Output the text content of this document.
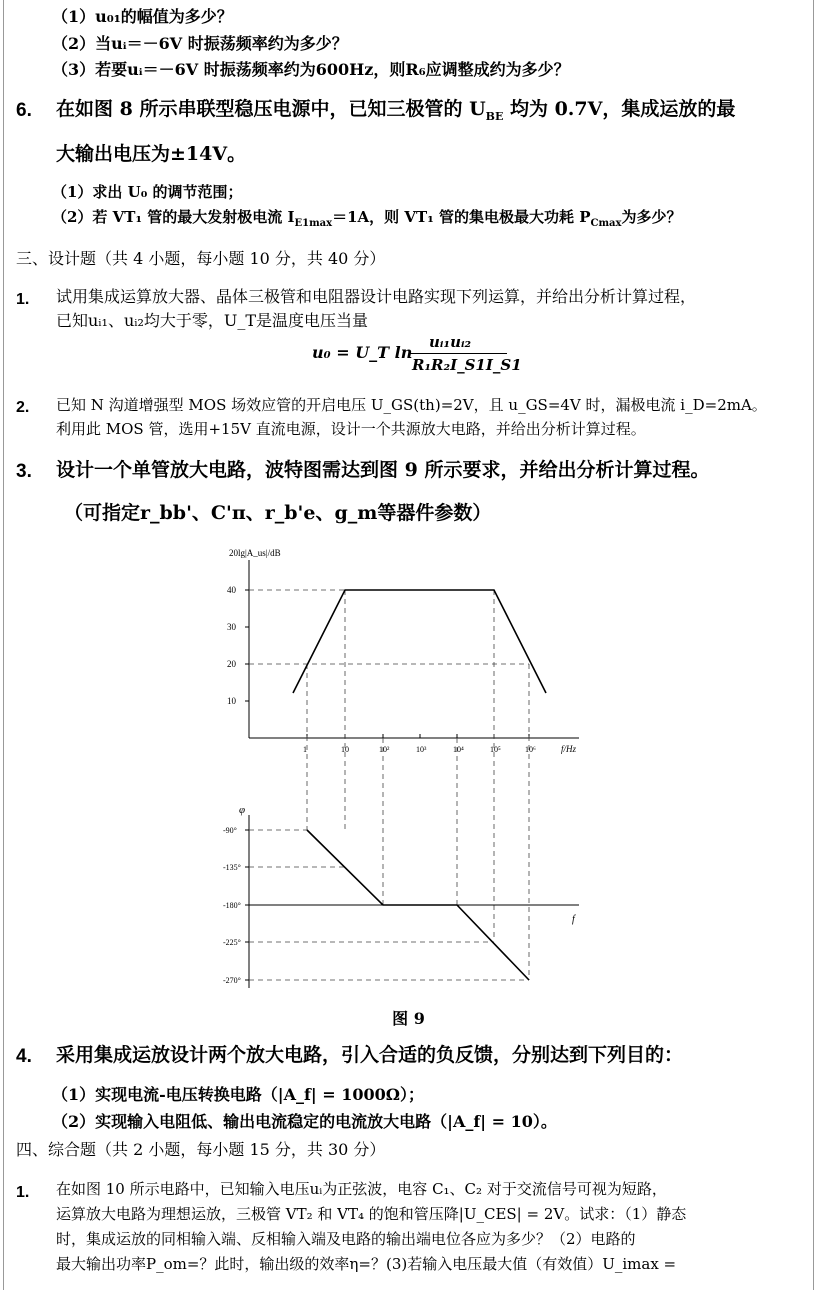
（1）u₀₁的幅值为多少？
（2）当uᵢ＝－6V 时振荡频率约为多少？
（3）若要uᵢ＝－6V 时振荡频率约为600Hz，则R₆应调整成约为多少？
6. 在如图 8 所示串联型稳压电源中，已知三极管的 $U_{BE}$ 均为 0.7V，集成运放的最
大输出电压为±14V。
（1）求出 U₀ 的调节范围；
（2）若 VT₁ 管的最大发射极电流 $I_{E1max}=1A$，则 VT₁ 管的集电极最大功耗 $P_{Cmax}$为多少？
三、设计题（共 4 小题，每小题 10 分，共 40 分）
1. 试用集成运算放大器、晶体三极管和电阻器设计电路实现下列运算，并给出分析计算过程，
已知uᵢ₁、uᵢ₂均大于零，U_T是温度电压当量
u₀ = U_T ln
uᵢ₁uᵢ₂
R₁R₂I_S1I_S1
2. 已知 N 沟道增强型 MOS 场效应管的开启电压 U_GS(th)=2V，且 u_GS=4V 时，漏极电流 i_D=2mA。
利用此 MOS 管，选用+15V 直流电源，设计一个共源放大电路，并给出分析计算过程。
3. 设计一个单管放大电路，波特图需达到图 9 所示要求，并给出分析计算过程。
（可指定r_bb'、C'π、r_b'e、g_m等器件参数）
20lg|A_us|/dB
f/Hz
40
30
20
10
1	10	10²	10³	10⁴	10⁵	10⁶
φ
f
-90°
-135°
-180°
-225°
-270°
图 9
4. 采用集成运放设计两个放大电路，引入合适的负反馈，分别达到下列目的：
（1）实现电流-电压转换电路（|A_f| = 1000Ω）；
（2）实现输入电阻低、输出电流稳定的电流放大电路（|A_f| = 10）。
四、综合题（共 2 小题，每小题 15 分，共 30 分）
1. 在如图 10 所示电路中，已知输入电压uᵢ为正弦波，电容 C₁、C₂ 对于交流信号可视为短路，
运算放大电路为理想运放，三极管 VT₂ 和 VT₄ 的饱和管压降|U_CES| = 2V。试求：（1）静态
时，集成运放的同相输入端、反相输入端及电路的输出端电位各应为多少？（2）电路的
最大输出功率P_om=？此时，输出级的效率η=？(3)若输入电压最大值（有效值）U_imax =
